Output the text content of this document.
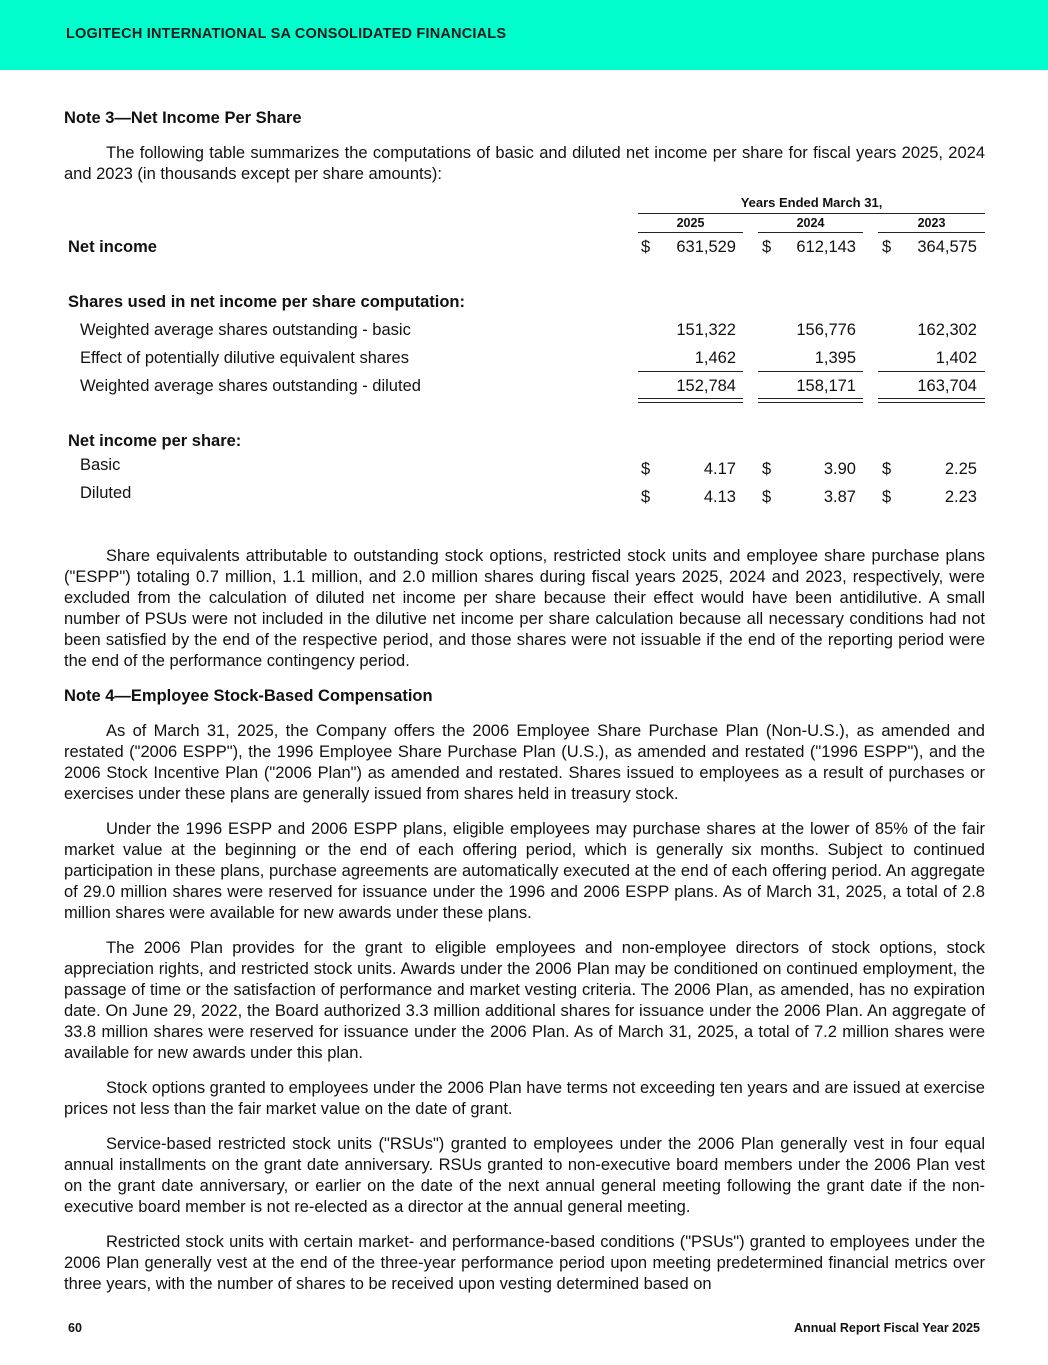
LOGITECH INTERNATIONAL SA CONSOLIDATED FINANCIALS

Note 3—Net Income Per Share

The following table summarizes the computations of basic and diluted net income per share for fiscal years 2025, 2024 and 2023 (in thousands except per share amounts):

Years Ended March 31,
2025	2024	2023
Net income	$	631,529 $	612,143 $	364,575
Shares used in net income per share computation:
Weighted average shares outstanding - basic	151,322	156,776	162,302
Effect of potentially dilutive equivalent shares	1,462	1,395	1,402
Weighted average shares outstanding - diluted	152,784	158,171	163,704
Net income per share:
Basic	$	4.17 $	3.90 $	2.25
Diluted	$	4.13 $	3.87 $	2.23

Share equivalents attributable to outstanding stock options, restricted stock units and employee share purchase plans ("ESPP") totaling 0.7 million, 1.1 million, and 2.0 million shares during fiscal years 2025, 2024 and 2023, respectively, were excluded from the calculation of diluted net income per share because their effect would have been antidilutive. A small number of PSUs were not included in the dilutive net income per share calculation because all necessary conditions had not been satisfied by the end of the respective period, and those shares were not issuable if the end of the reporting period were the end of the performance contingency period.

Note 4—Employee Stock-Based Compensation

As of March 31, 2025, the Company offers the 2006 Employee Share Purchase Plan (Non-U.S.), as amended and restated ("2006 ESPP"), the 1996 Employee Share Purchase Plan (U.S.), as amended and restated ("1996 ESPP"), and the 2006 Stock Incentive Plan ("2006 Plan") as amended and restated. Shares issued to employees as a result of purchases or exercises under these plans are generally issued from shares held in treasury stock.

Under the 1996 ESPP and 2006 ESPP plans, eligible employees may purchase shares at the lower of 85% of the fair market value at the beginning or the end of each offering period, which is generally six months. Subject to continued participation in these plans, purchase agreements are automatically executed at the end of each offering period. An aggregate of 29.0 million shares were reserved for issuance under the 1996 and 2006 ESPP plans. As of March 31, 2025, a total of 2.8 million shares were available for new awards under these plans.

The 2006 Plan provides for the grant to eligible employees and non-employee directors of stock options, stock appreciation rights, and restricted stock units. Awards under the 2006 Plan may be conditioned on continued employment, the passage of time or the satisfaction of performance and market vesting criteria. The 2006 Plan, as amended, has no expiration date. On June 29, 2022, the Board authorized 3.3 million additional shares for issuance under the 2006 Plan. An aggregate of 33.8 million shares were reserved for issuance under the 2006 Plan. As of March 31, 2025, a total of 7.2 million shares were available for new awards under this plan.

Stock options granted to employees under the 2006 Plan have terms not exceeding ten years and are issued at exercise prices not less than the fair market value on the date of grant.

Service-based restricted stock units ("RSUs") granted to employees under the 2006 Plan generally vest in four equal annual installments on the grant date anniversary. RSUs granted to non-executive board members under the 2006 Plan vest on the grant date anniversary, or earlier on the date of the next annual general meeting following the grant date if the non-executive board member is not re-elected as a director at the annual general meeting.

Restricted stock units with certain market- and performance-based conditions ("PSUs") granted to employees under the 2006 Plan generally vest at the end of the three-year performance period upon meeting predetermined financial metrics over three years, with the number of shares to be received upon vesting determined based on

60	Annual Report Fiscal Year 2025
